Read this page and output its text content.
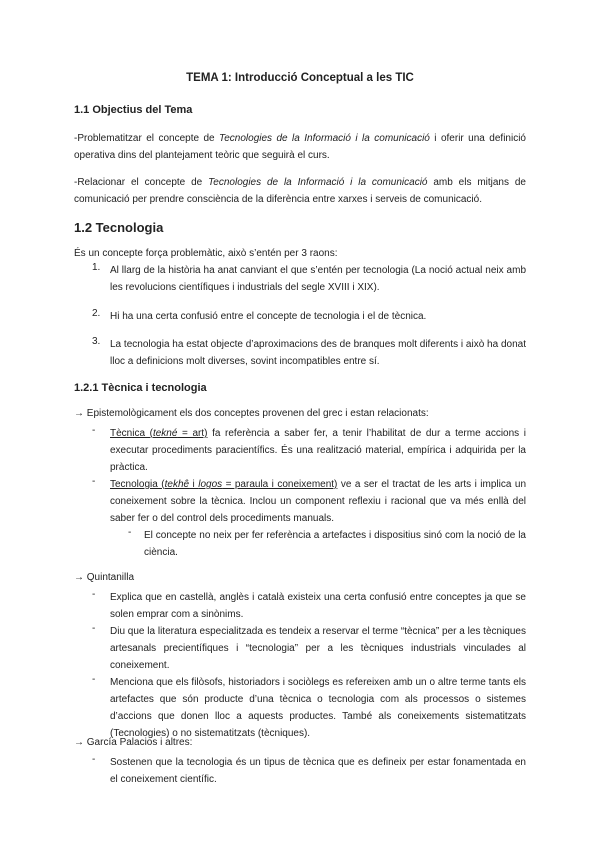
TEMA 1: Introducció Conceptual a les TIC
1.1 Objectius del Tema
-Problematitzar el concepte de Tecnologies de la Informació i la comunicació i oferir una definició operativa dins del plantejament teòric que seguirà el curs.
-Relacionar el concepte de Tecnologies de la Informació i la comunicació amb els mitjans de comunicació per prendre consciència de la diferència entre xarxes i serveis de comunicació.
1.2 Tecnologia
És un concepte força problemàtic, això s’entén per 3 raons:
1. Al llarg de la història ha anat canviant el que s’entén per tecnologia (La noció actual neix amb les revolucions científiques i industrials del segle XVIII i XIX).
2. Hi ha una certa confusió entre el concepte de tecnologia i el de tècnica.
3. La tecnologia ha estat objecte d’aproximacions des de branques molt diferents i això ha donat lloc a definicions molt diverses, sovint incompatibles entre sí.
1.2.1 Tècnica i tecnologia
→ Epistemològicament els dos conceptes provenen del grec i estan relacionats:
- Tècnica (tekné = art) fa referència a saber fer, a tenir l’habilitat de dur a terme accions i executar procediments paracientífics. És una realització material, empírica i adquirida per la pràctica.
- Tecnologia (tekhê i logos = paraula i coneixement) ve a ser el tractat de les arts i implica un coneixement sobre la tècnica. Inclou un component reflexiu i racional que va més enllà del saber fer o del control dels procediments manuals.
- El concepte no neix per fer referència a artefactes i dispositius sinó com la noció de la ciència.
→ Quintanilla
- Explica que en castellà, anglès i català existeix una certa confusió entre conceptes ja que se solen emprar com a sinònims.
- Diu que la literatura especialitzada es tendeix a reservar el terme “tècnica” per a les tècniques artesanals precientífiques i “tecnologia” per a les tècniques industrials vinculades al coneixement.
- Menciona que els filòsofs, historiadors i sociòlegs es refereixen amb un o altre terme tants els artefactes que són producte d’una tècnica o tecnologia com als processos o sistemes d’accions que donen lloc a aquests productes. També als coneixements sistematitzats (Tecnologies) o no sistematitzats (tècniques).
→ García Palacios i altres:
- Sostenen que la tecnologia és un tipus de tècnica que es defineix per estar fonamentada en el coneixement científic.
